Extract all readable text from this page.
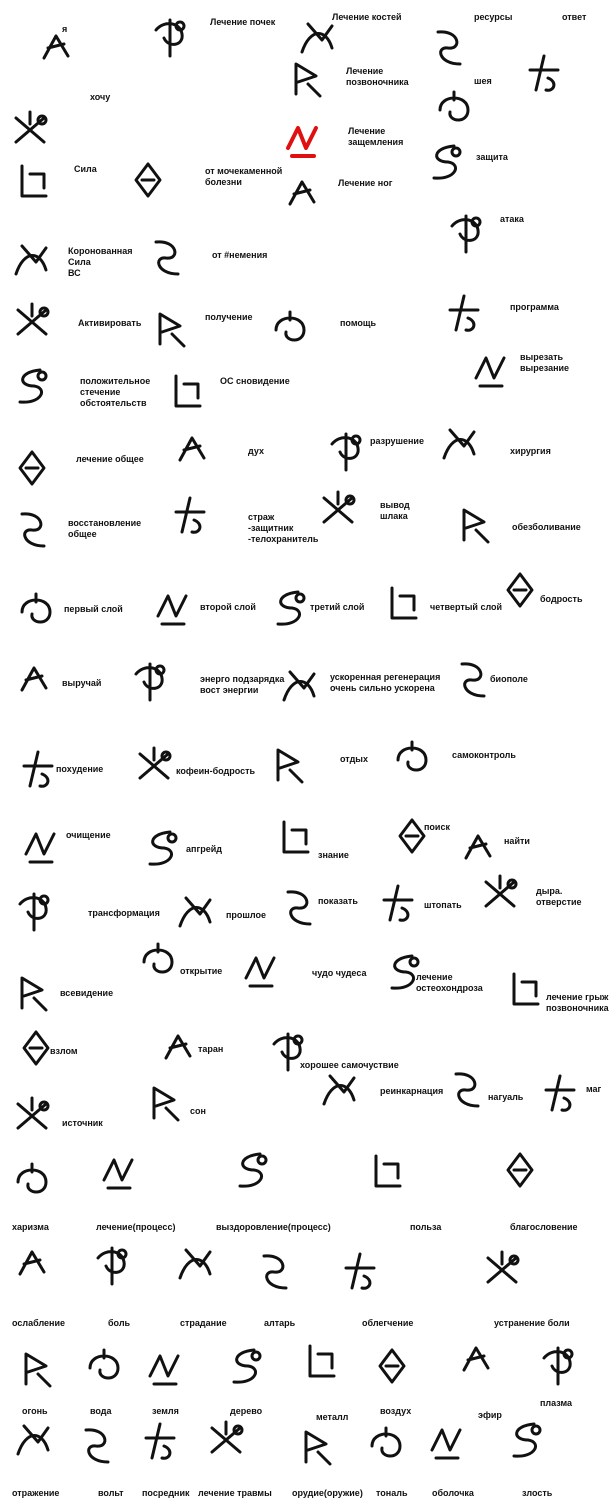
я
Лечение почек	Лечение костей	ресурсы	ответ
хочу
Лечение
позвоночника	шея
Лечение
защемления
защита
Сила	от мочекаменной
болезни	Лечение ног
атака
Коронованная
Сила
ВС
от #немения
программа
Активировать
получение
помощь
вырезать
вырезание
положительное
стечение
обстоятельств
ОС сновидение
лечение общее
дух
разрушение
хирургия
восстановление
общее
страж
-защитник
-телохранитель
вывод
шлака
обезболивание
первый слой	второй слой	третий слой	четвертый слой
бодрость
выручай	энерго подзарядка
вост энергии
ускоренная регенерация
очень сильно ускорена
биополе
похудение	кофеин-бодрость
отдых	самоконтроль
очищение
апгрейд
знание
поиск
найти
трансформация	прошлое
показать	штопать
дыра.
отверстие
всевидение
открытие	чудо чудеса	лечение
остеохондроза
лечение грыж
позвоночника
взлом	таран
хорошее самочуствие
реинкарнация
нагуаль
маг
источник
сон
харизма	лечение(процесс)	выздоровление(процесс)	польза	благословение
ослабление	боль	страдание	алтарь	облегчение	устранение боли
огонь	вода	земля	дерево
металл
воздух	эфир
плазма
отражение	вольт посредник лечение травмы орудие(оружие) тональ	оболочка	злость
